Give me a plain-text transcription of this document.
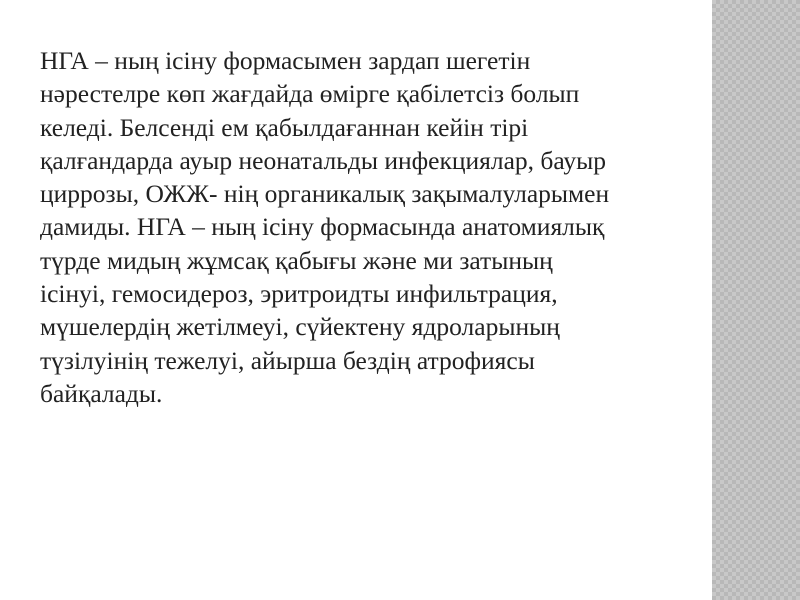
НГА – ның ісіну формасымен зардап шегетін
нәрестелре көп жағдайда өмірге қабілетсіз болып
келеді. Белсенді ем қабылдағаннан кейін тірі
қалғандарда ауыр неонатальды инфекциялар, бауыр
циррозы, ОЖЖ- нің органикалық зақымалуларымен
дамиды. НГА – ның ісіну формасында анатомиялық
түрде мидың жұмсақ қабығы және ми затының
ісінуі, гемосидероз, эритроидты инфильтрация,
мүшелердің жетілмеуі, сүйектену ядроларының
түзілуінің тежелуі, айырша бездің атрофиясы
байқалады.
